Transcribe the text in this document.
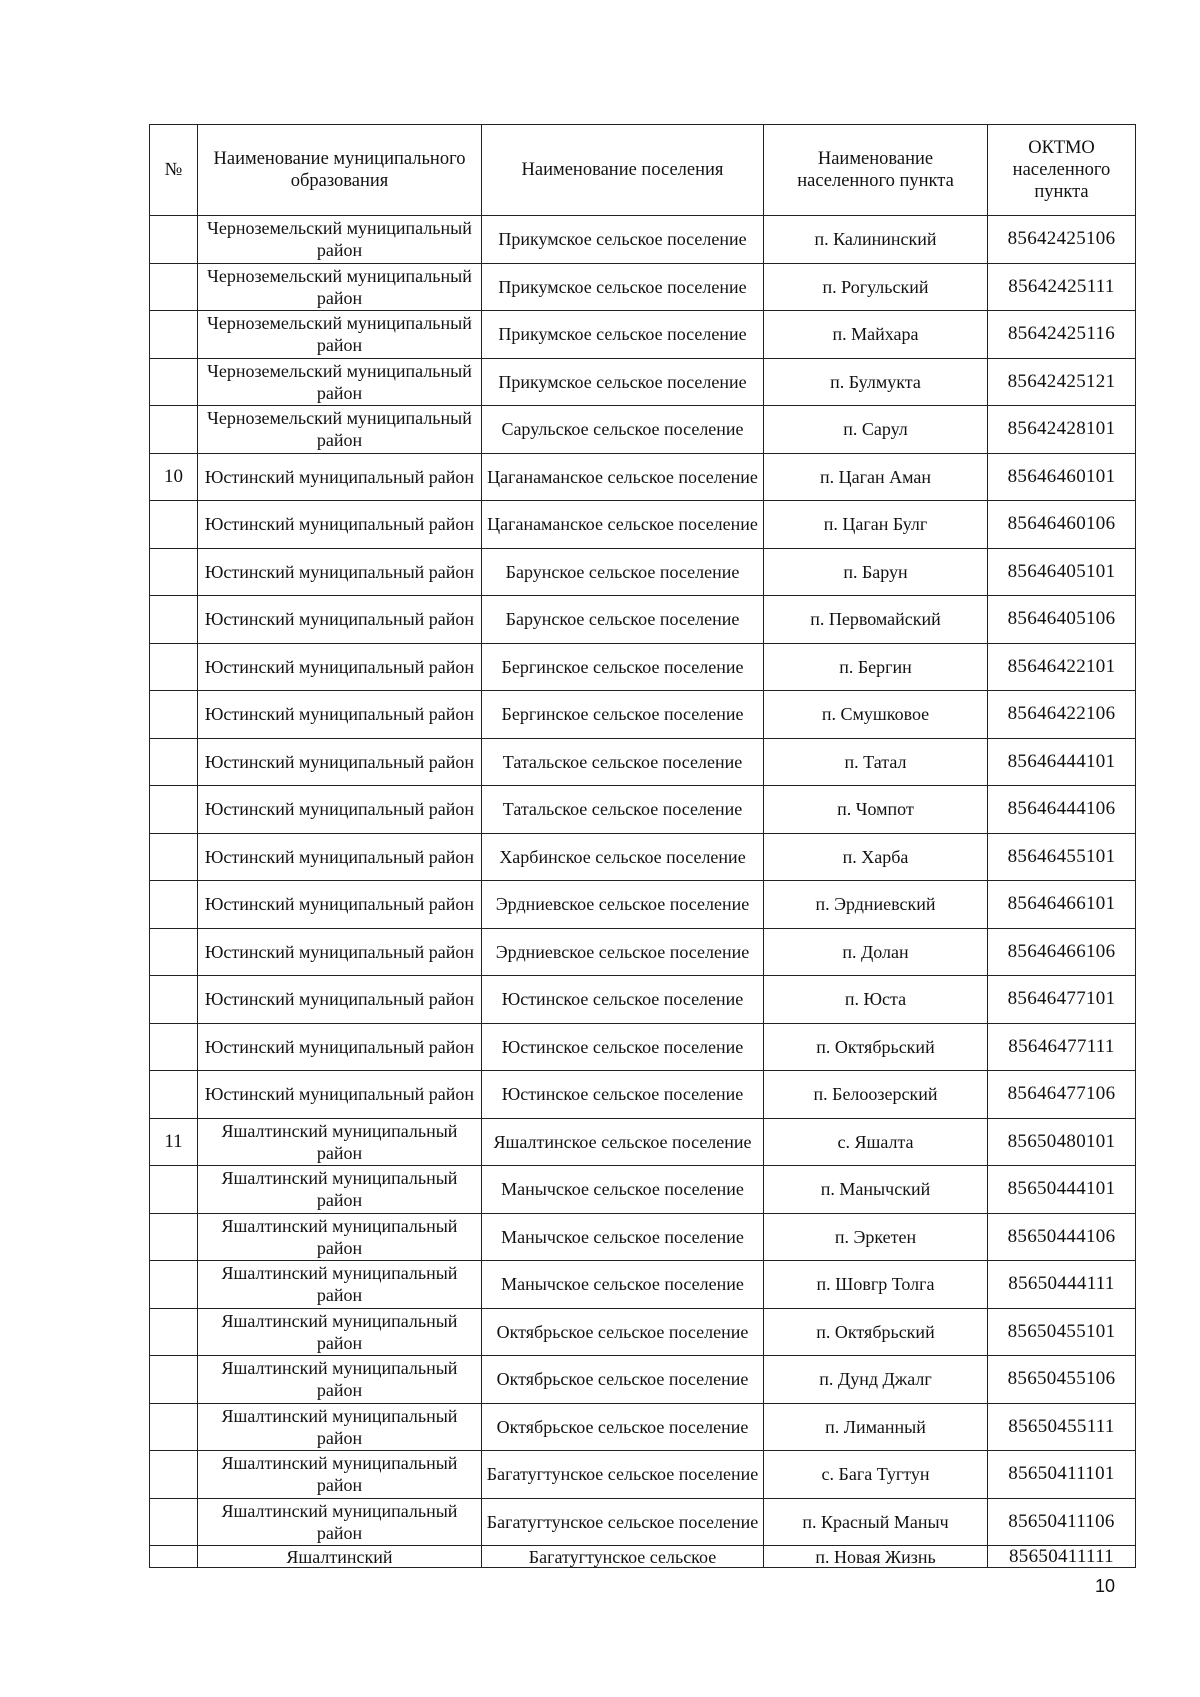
№	Наименование муниципального образования	Наименование поселения	Наименование населенного пункта	ОКТМО населенного пункта
	Черноземельский муниципальный район	Прикумское сельское поселение	п. Калининский	85642425106
	Черноземельский муниципальный район	Прикумское сельское поселение	п. Рогульский	85642425111
	Черноземельский муниципальный район	Прикумское сельское поселение	п. Майхара	85642425116
	Черноземельский муниципальный район	Прикумское сельское поселение	п. Булмукта	85642425121
	Черноземельский муниципальный район	Сарульское сельское поселение	п. Сарул	85642428101
10	Юстинский муниципальный район	Цаганаманское сельское поселение	п. Цаган Аман	85646460101
	Юстинский муниципальный район	Цаганаманское сельское поселение	п. Цаган Булг	85646460106
	Юстинский муниципальный район	Барунское сельское поселение	п. Барун	85646405101
	Юстинский муниципальный район	Барунское сельское поселение	п. Первомайский	85646405106
	Юстинский муниципальный район	Бергинское сельское поселение	п. Бергин	85646422101
	Юстинский муниципальный район	Бергинское сельское поселение	п. Смушковое	85646422106
	Юстинский муниципальный район	Татальское сельское поселение	п. Татал	85646444101
	Юстинский муниципальный район	Татальское сельское поселение	п. Чомпот	85646444106
	Юстинский муниципальный район	Харбинское сельское поселение	п. Харба	85646455101
	Юстинский муниципальный район	Эрдниевское сельское поселение	п. Эрдниевский	85646466101
	Юстинский муниципальный район	Эрдниевское сельское поселение	п. Долан	85646466106
	Юстинский муниципальный район	Юстинское сельское поселение	п. Юста	85646477101
	Юстинский муниципальный район	Юстинское сельское поселение	п. Октябрьский	85646477111
	Юстинский муниципальный район	Юстинское сельское поселение	п. Белоозерский	85646477106
11	Яшалтинский муниципальный район	Яшалтинское сельское поселение	с. Яшалта	85650480101
	Яшалтинский муниципальный район	Манычское сельское поселение	п. Манычский	85650444101
	Яшалтинский муниципальный район	Манычское сельское поселение	п. Эркетен	85650444106
	Яшалтинский муниципальный район	Манычское сельское поселение	п. Шовгр Толга	85650444111
	Яшалтинский муниципальный район	Октябрьское сельское поселение	п. Октябрьский	85650455101
	Яшалтинский муниципальный район	Октябрьское сельское поселение	п. Дунд Джалг	85650455106
	Яшалтинский муниципальный район	Октябрьское сельское поселение	п. Лиманный	85650455111
	Яшалтинский муниципальный район	Багатугтунское сельское поселение	с. Бага Тугтун	85650411101
	Яшалтинский муниципальный район	Багатугтунское сельское поселение	п. Красный Маныч	85650411106
	Яшалтинский	Багатугтунское сельское	п. Новая Жизнь	85650411111
10
